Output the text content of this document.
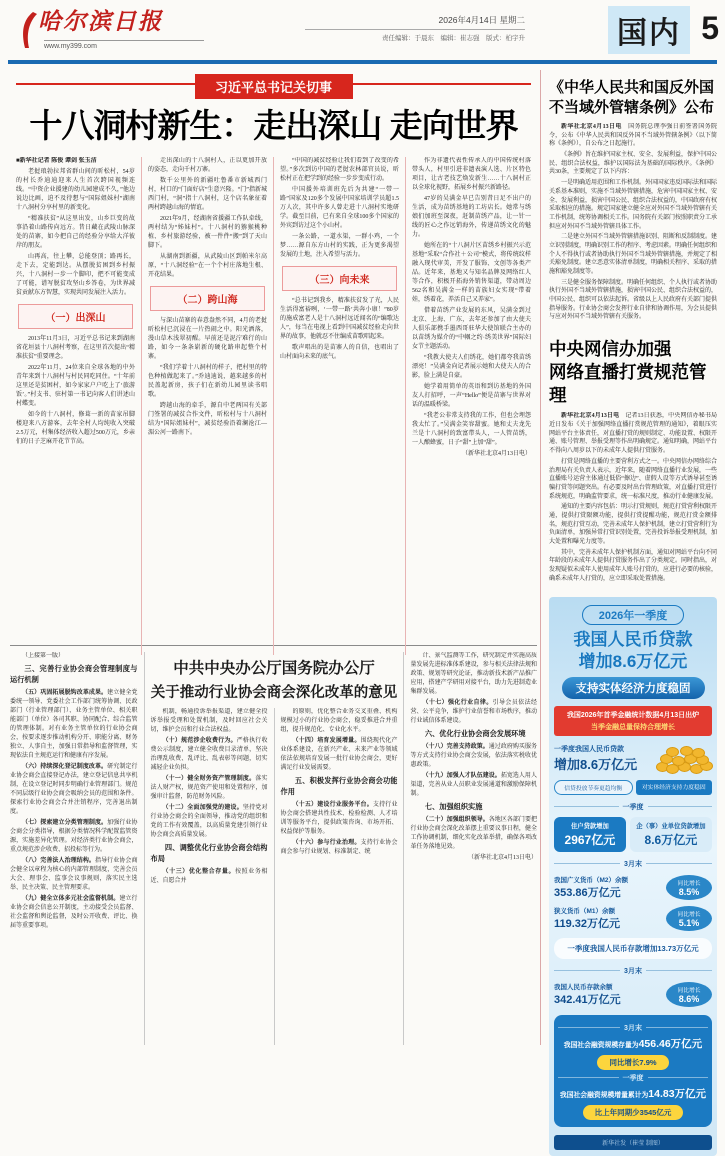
哈尔滨日报
www.my399.com
2026年4月14日 星期二
责任编辑：于晨东　编辑：崔志强　版式：柏宇升	国内 5
习近平总书记关切事
十八洞村新生：走出深山 走向世界

■新华社记者 陈俊 谭剑 张玉洁

老挝琅勃拉邦省群山间的昕松村，54岁的村长乔迪迪迎来人生首次跨国视频连线。“中资企业援建的幼儿园建成不久，”他边说边比画，迫不及待想与“国际姐妹村”湖南十八洞村分享村里的新变化。

“精准扶贫”从这里出发，山乡巨变的故事沿着山路传向远方。昔日藏在武陵山脉深处的苗寨，如今把自己的经验分享给大洋彼岸的朋友。

山再高，往上攀，总能登顶；路再长，走下去，定能到达。从摆脱贫困到乡村振兴，十八洞村一步一个脚印，把不可能变成了可能，谱写脱贫攻坚山乡答卷，为世界减贫贡献东方智慧，实现共同发展注入活力。

（一）出深山

2013年11月3日，习近平总书记来到湖南省花垣县十八洞村考察，在这里首次提出“精准扶贫”重要理念。

2022年11月，24位来自全球各地的中外青年来到十八洞村与村民同吃同住。“十年前这里还是贫困村，如今家家户户吃上了‘旅游饭’。”村支书、驻村第一书记向客人们讲述山村蝶变。

如今的十八洞村，修葺一新的苗家吊脚楼迎来八方游客，去年全村人均纯收入突破2.5万元，村集体经济收入超过500万元，乡亲们的日子芝麻开花节节高。

走出深山的十八洞村人，正以更加开放的姿态，走向千村万寨。

数千公里外的新疆吐鲁番市新城西门村，村口的“门面好店”生意兴隆。“门”指新城西门村，“洞”指十八洞村，这个店名象征着两村跨越山海的情谊。

2021年9月，经湖南省援疆工作队牵线，两村结为“姊妹村”。十八洞村的猕猴桃种植、乡村旅游经验，被一件件“搬”到了天山脚下。

从湖南到新疆，从武陵山区到帕米尔高原，“十八洞经验”在一个个村庄落地生根、开花结果。

（二）跨山海

与深山苗寨的春意盎然不同，4月的老挝昕松村已沉浸在一片热闹之中。阳光洒落，漫山草木浅翠初醒。早前还是泥泞难行的山路，如今一条条崭新的硬化路串起整个村寨。

“我们学着十八洞村的样子，把村里的特色种植做起来了。”乔迪迪说，越来越多的村民盖起新房，孩子们在新幼儿园里读书唱歌。

跨越山海的牵手，源自中老两国有关部门签署的减贫合作文件，昕松村与十八洞村结为“国际姐妹村”，减贫经验沿着澜沧江—湄公河一路南下。

“中国的减贫经验让我们看到了改变的希望。”多次到访中国的老挝农林部官员说，昕松村正在把学到的经验一步步变成行动。

中国援外培训班先后为共建“一带一路”国家及120多个发展中国家培训学员超1.5万人次，其中许多人曾走进十八洞村实地研学。截至目前，已有来自全球100多个国家的外宾到访过这个小山村。

一条公路，一道水渠，一群小鸡，一个梦……源自东方山村的实践，正为更多渴望发展的土地，注入希望与活力。

（三）向未来

“总书记到我乡，精准扶贫发了光，人民生活得富裕咧，‘一带一路’共奔小康！”80岁的施成富老人是十八洞村远近闻名的“编歌达人”，每当在电视上看到中国减贫经验走向世界的故事，他就忍不住编成苗歌唱起来。

歌声唱出的是苗寨人的自信，也唱出了山村面向未来的底气。

作为非遗代表性传承人的中国传统村落带头人，村里引进非遗表演人选、片区特色项目，让古老技艺焕发新生……十八洞村正以全球化视野，拓展乡村振兴新路径。

47岁的吴满金早已告别昔日足不出户的生活，成为苗绣基地的工坊店长。她常与绣娘们加班至深夜，赶制苗绣产品，让一针一线的匠心之作远销海外，传递苗绣文化的魅力。

她所在的“十八洞片区苗绣乡村振兴示范基地”采取“合作社＋公司”模式，将传统纹样融入现代审美，开发了服饰、文创等各类产品。近年来，基地又与知名品牌及网络红人等合作，积极开拓海外销售渠道，带动周边562名和吴满金一样的苗族妇女实现“带着娃，绣着花，养活自己又养家”。

借着苗绣产业发展的东风，吴满金到过北京、上海、广东，去年还参加了由大使夫人俱乐部携手墨西哥驻华大使馆联合主办的以苗绣为媒介的“中帼之约·绣美世界”国际妇女节主题活动。

“我教大使夫人们绣花，她们都夸我苗绣漂亮！”吴满金向记者展示她和大使夫人的合影，脸上满是自豪。

她学着用简单的英语和到访基地的外国友人打招呼，一声“Hello”便是苗寨与世界对话的温暖桥梁。

“我老公非常支持我的工作，但也会埋怨我太忙了。”吴满金笑容甜蜜。她和丈夫龙先兰是十八洞村的致富带头人，一人管苗绣，一人酿蜂蜜，日子“甜”上加“甜”。

（新华社北京4月13日电）

《中华人民共和国反外国
不当域外管辖条例》公布

新华社北京4月13日电　国务院总理李强日前签署国务院令，公布《中华人民共和国反外国不当域外管辖条例》（以下简称《条例》），自公布之日起施行。

《条例》旨在维护国家主权、安全、发展利益，保护中国公民、组织合法权益，维护以国际法为基础的国际秩序。《条例》共30条，主要规定了以下内容：

一是明确适用范围和工作机制。外国国家违反国际法和国际关系基本准则，实施不当域外管辖措施，危害中国国家主权、安全、发展利益，损害中国公民、组织合法权益的，中国政府有权采取相应的措施。规定国家建立健全应对外国不当域外管辖有关工作机制，统筹协调相关工作。国务院有关部门按照职责分工承担应对外国不当域外管辖具体工作。

二是建立外国不当域外管辖措施识别、阻断和反制制度。建立识别制度，明确识别工作的程序、考虑因素。明确任何组织和个人不得执行或者协助执行外国不当域外管辖措施，并规定了相关豁免制度。建立恶意实体清单制度，明确相关程序、采取的措施和豁免制度等。

三是健全服务保障制度。明确任何组织、个人执行或者协助执行外国不当域外管辖措施，损害中国公民、组织合法权益的，中国公民、组织可以依法起诉。省级以上人民政府有关部门提供指导服务。行业协会商会发挥行业自律和协调作用，为会员提供与应对外国不当域外管辖有关服务。

中央网信办加强
网络直播打赏规范管理

新华社北京4月13日电　记者13日获悉，中央网信办秘书局近日发布《关于加强网络直播打赏规范管理的通知》，着眼压实网站平台主体责任，对直播打赏的规则制定、功能设置、权限开通、账号管理、举报受理等作出明确规定。通知明确，网站平台不得向八周岁以下的未成年人提供打赏服务。

打赏是网络直播的主要营利方式之一。中央网信办网络综合治理局有关负责人表示，近年来，随着网络直播行业发展，一些直播账号运营主体通过低俗“擦边”、虚假人设等方式诱导甚至诱骗打赏等问题突出。有必要及时出台管理政策，对直播打赏进行系统规范，明确监管要求，统一标准尺度，推动行业健康发展。

通知的主要内容包括：明示打赏规则，规范打赏营利权限开通，提供打赏限额功能，提供打赏提醒功能，规范打赏金额排名，规范打赏互动，完善未成年人保护机制，建立打赏营利行为负面清单，加强异常打赏识别处置，完善投诉举报受理机制，加大处置和曝光力度等。

其中，完善未成年人保护机制方面，通知对网站平台向不同年龄段的未成年人提供打赏服务作出了分类规定。同时指出，对发现疑似未成年人使用成年人账号打赏的，应进行必要的核验，确系未成年人打赏的，应立即采取处置措施。

2026年一季度
我国人民币贷款
增加8.6万亿元
支持实体经济力度稳固
我国2026年首季金融统计数据4月13日出炉
当季金融总量保持合理增长
一季度我国人民币贷款
增加8.6万亿元
信贷投放节奏更趋均衡	对实体经济支持力度稳固
一季度
住户贷款增加
2967亿元
企（事）业单位贷款增加
8.6万亿元
3月末
我国广义货币（M2）余额
353.86万亿元
同比增长
8.5%
狭义货币（M1）余额
119.32万亿元
同比增长
5.1%
一季度我国人民币存款增加13.73万亿元
3月末
我国人民币存款余额
342.41万亿元
同比增长
8.6%
3月末
我国社会融资规模存量为456.46万亿元
同比增长7.9%
一季度
我国社会融资规模增量累计为14.83万亿元
比上年同期少3545亿元
新华社发（崔莹 制图）

（上接第一版）

三、完善行业协会商会管理制度与运行机制

（五）巩固拓展脱钩改革成果。建立健全党委统一领导、党委社会工作部门统筹协调、民政部门（行业管理部门）、业务主管单位、相关职能部门（单位）各司其职、协同配合、综合监管的管理体制。对有业务主管单位的行业协会商会，按要求逐步推动机构分开、职能分离、财务独立、人事自主，加强日常指导和监督管理，实现依法自主规范运行和健康有序发展。

（六）持续深化登记制度改革。研究制定行业协会商会直接登记办法，建立登记信息共享机制，在设立登记时同步明确行业管理部门。规范不同层级行业协会商会吸纳会员的范围和条件。探索行业协会商会合并注销程序，完善退出制度。

（七）探索建立分类管理制度。加强行业协会商会分类指导，根据分类情况科学配置监管资源，实施差异化管理。对经济类行业协会商会，重点规范涉企收费、招投标等行为。

（八）完善法人治理结构。指导行业协会商会健全以章程为核心的内部管理制度，完善会员大会、理事会、监事会议事规则，落实民主选举、民主决策、民主管理要求。

（九）健全立体多元社会监督机制。建立行业协会商会信息公开制度，主动接受会员监督、社会监督和舆论监督，及时公开收费、评比、换届等重要事项。

中共中央办公厅国务院办公厅
关于推动行业协会商会深化改革的意见

机制，畅通投诉举报渠道，建立健全投诉举报受理和处置机制，及时回应社会关切，维护会员和行业合法权益。

（十）规范涉企收费行为。严格执行收费公示制度，建立健全收费目录清单，坚决治理乱收费、乱评比、乱表彰等问题，切实减轻企业负担。

（十一）健全财务资产管理制度。落实法人财产权，规范资产使用和处置程序，加强审计监督，防范财务风险。

（十二）全面加强党的建设。坚持党对行业协会商会的全面领导，推动党的组织和党的工作有效覆盖，以高质量党建引领行业协会商会高质量发展。

四、调整优化行业协会商会结构布局

（十三）优化整合存量。按照业务相近、自愿合并

的原则，优化整合业务交叉重叠、机构规模过小的行业协会商会，稳妥推进合并重组，提升规范化、专业化水平。

（十四）培育发展增量。围绕现代化产业体系建设，在新兴产业、未来产业等领域依法依规培育发展一批行业协会商会，更好满足行业发展需要。

五、积极发挥行业协会商会功能作用

（十五）建设行业服务平台。支持行业协会商会搭建共性技术、检验检测、人才培训等服务平台，提供政策咨询、市场开拓、权益保护等服务。

（十六）参与行业治理。支持行业协会商会参与行业规划、标准制定、统

计、景气监测等工作，研究制定并实施高质量发展先进标准体系建设，参与相关法律法规和政策、规划等研究论证，推动新技术新产品推广应用，搭建产学研用对接平台，助力先进制造业集群发展。

（十七）强化行业自律。引导会员依法经营、公平竞争，维护行业信誉和市场秩序，推动行业诚信体系建设。

六、优化行业协会商会发展环境

（十八）完善支持政策。通过政府购买服务等方式支持行业协会商会发展，依法落实税收优惠政策。

（十九）加强人才队伍建设。拓宽选人用人渠道，完善从业人员职业发展通道和激励保障机制。

七、加强组织实施

（二十）加强组织领导。各地区各部门要把行业协会商会深化改革摆上重要议事日程，健全工作协调机制，细化实化改革举措，确保各项改革任务落地见效。

（新华社北京4月13日电）
